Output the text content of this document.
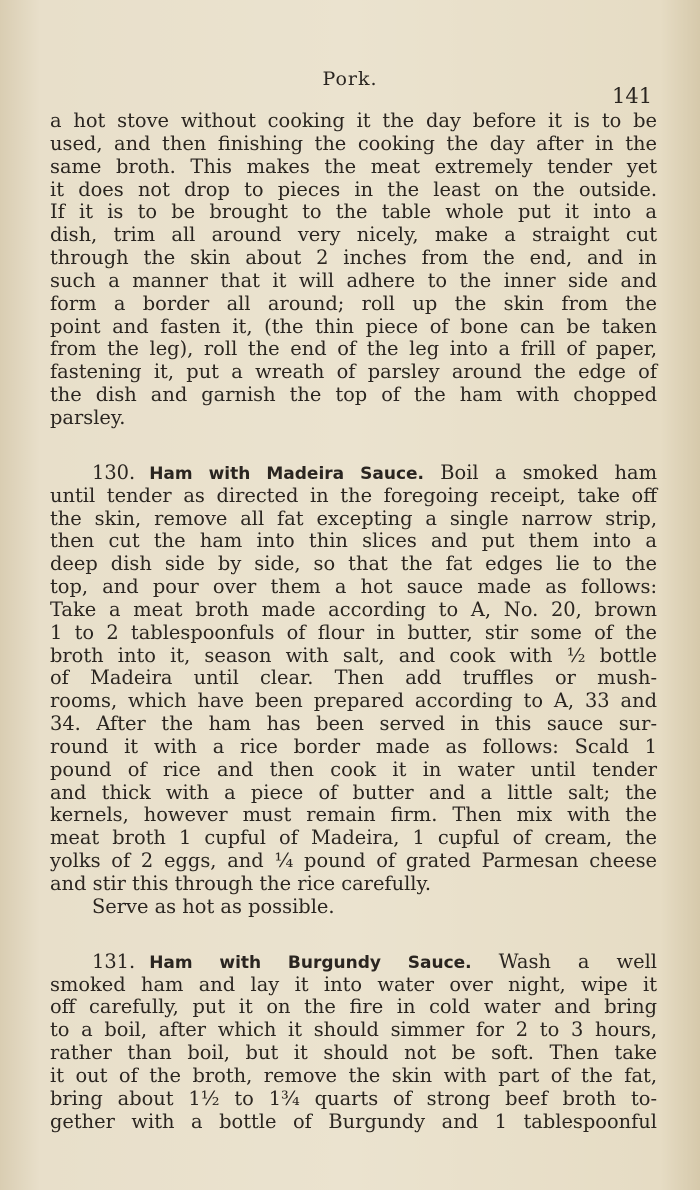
Pork.
141
a hot stove without cooking it the day before it is to be
used, and then finishing the cooking the day after in the
same broth. This makes the meat extremely tender yet
it does not drop to pieces in the least on the outside.
If it is to be brought to the table whole put it into a
dish, trim all around very nicely, make a straight cut
through the skin about 2 inches from the end, and in
such a manner that it will adhere to the inner side and
form a border all around; roll up the skin from the
point and fasten it, (the thin piece of bone can be taken
from the leg), roll the end of the leg into a frill of paper,
fastening it, put a wreath of parsley around the edge of
the dish and garnish the top of the ham with chopped
parsley.
130. Ham with Madeira Sauce. Boil a smoked ham
until tender as directed in the foregoing receipt, take off
the skin, remove all fat excepting a single narrow strip,
then cut the ham into thin slices and put them into a
deep dish side by side, so that the fat edges lie to the
top, and pour over them a hot sauce made as follows:
Take a meat broth made according to A, No. 20, brown
1 to 2 tablespoonfuls of flour in butter, stir some of the
broth into it, season with salt, and cook with ½ bottle
of Madeira until clear. Then add truffles or mush-
rooms, which have been prepared according to A, 33 and
34. After the ham has been served in this sauce sur-
round it with a rice border made as follows: Scald 1
pound of rice and then cook it in water until tender
and thick with a piece of butter and a little salt; the
kernels, however must remain firm. Then mix with the
meat broth 1 cupful of Madeira, 1 cupful of cream, the
yolks of 2 eggs, and ¼ pound of grated Parmesan cheese
and stir this through the rice carefully.
Serve as hot as possible.
131. Ham with Burgundy Sauce. Wash a well
smoked ham and lay it into water over night, wipe it
off carefully, put it on the fire in cold water and bring
to a boil, after which it should simmer for 2 to 3 hours,
rather than boil, but it should not be soft. Then take
it out of the broth, remove the skin with part of the fat,
bring about 1½ to 1¾ quarts of strong beef broth to-
gether with a bottle of Burgundy and 1 tablespoonful
